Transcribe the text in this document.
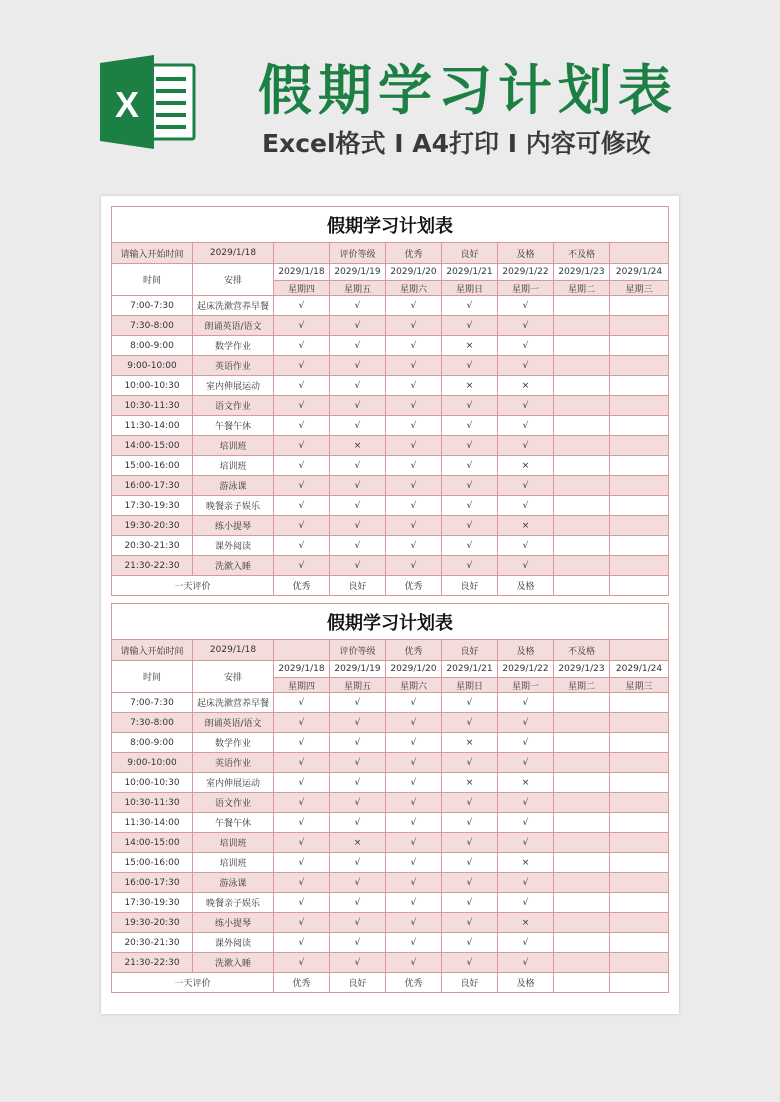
X 假期学习计划表
Excel格式 I A4打印 I 内容可修改
假期学习计划表								
请输入开始时间	2029/1/18		评价等级	优秀	良好	及格	不及格	
时间	安排	2029/1/18	2029/1/19	2029/1/20	2029/1/21	2029/1/22	2029/1/23	2029/1/24
		星期四	星期五	星期六	星期日	星期一	星期二	星期三
7:00-7:30	起床洗漱营养早餐	√	√	√	√	√		
7:30-8:00	朗诵英语/语文	√	√	√	√	√		
8:00-9:00	数学作业	√	√	√	×	√		
9:00-10:00	英语作业	√	√	√	√	√		
10:00-10:30	室内伸展运动	√	√	√	×	×		
10:30-11:30	语文作业	√	√	√	√	√		
11:30-14:00	午餐午休	√	√	√	√	√		
14:00-15:00	培训班	√	×	√	√	√		
15:00-16:00	培训班	√	√	√	√	×		
16:00-17:30	游泳课	√	√	√	√	√		
17:30-19:30	晚餐亲子娱乐	√	√	√	√	√		
19:30-20:30	练小提琴	√	√	√	√	×		
20:30-21:30	课外阅读	√	√	√	√	√		
21:30-22:30	洗漱入睡	√	√	√	√	√		
一天评价		优秀	良好	优秀	良好	及格		
假期学习计划表								
请输入开始时间	2029/1/18		评价等级	优秀	良好	及格	不及格	
时间	安排	2029/1/18	2029/1/19	2029/1/20	2029/1/21	2029/1/22	2029/1/23	2029/1/24
		星期四	星期五	星期六	星期日	星期一	星期二	星期三
7:00-7:30	起床洗漱营养早餐	√	√	√	√	√		
7:30-8:00	朗诵英语/语文	√	√	√	√	√		
8:00-9:00	数学作业	√	√	√	×	√		
9:00-10:00	英语作业	√	√	√	√	√		
10:00-10:30	室内伸展运动	√	√	√	×	×		
10:30-11:30	语文作业	√	√	√	√	√		
11:30-14:00	午餐午休	√	√	√	√	√		
14:00-15:00	培训班	√	×	√	√	√		
15:00-16:00	培训班	√	√	√	√	×		
16:00-17:30	游泳课	√	√	√	√	√		
17:30-19:30	晚餐亲子娱乐	√	√	√	√	√		
19:30-20:30	练小提琴	√	√	√	√	×		
20:30-21:30	课外阅读	√	√	√	√	√		
21:30-22:30	洗漱入睡	√	√	√	√	√		
一天评价		优秀	良好	优秀	良好	及格		
